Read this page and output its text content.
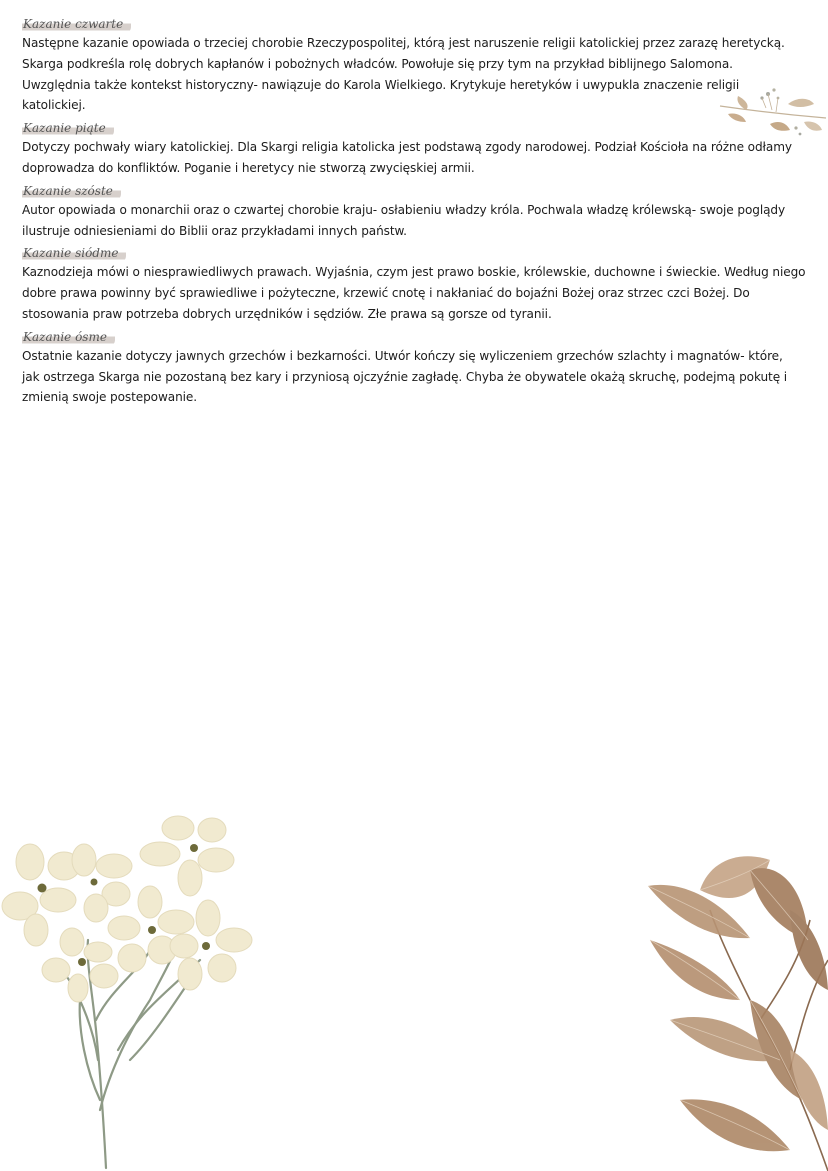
Kazanie czwarte

Następne kazanie opowiada o trzeciej chorobie Rzeczypospolitej, którą jest naruszenie religii katolickiej przez zarazę heretycką.

Skarga podkreśla rolę dobrych kapłanów i pobożnych władców. Powołuje się przy tym na przykład biblijnego Salomona.

Uwzględnia także kontekst historyczny- nawiązuje do Karola Wielkiego. Krytykuje heretyków i uwypukla znaczenie religii

katolickiej.

Kazanie piąte

Dotyczy pochwały wiary katolickiej. Dla Skargi religia katolicka jest podstawą zgody narodowej. Podział Kościoła na różne odłamy

doprowadza do konfliktów. Poganie i heretycy nie stworzą zwycięskiej armii.

Kazanie szóste

Autor opowiada o monarchii oraz o czwartej chorobie kraju- osłabieniu władzy króla. Pochwala władzę królewską- swoje poglądy

ilustruje odniesieniami do Biblii oraz przykładami innych państw.

Kazanie siódme

Kaznodzieja mówi o niesprawiedliwych prawach. Wyjaśnia, czym jest prawo boskie, królewskie, duchowne i świeckie. Według niego

dobre prawa powinny być sprawiedliwe i pożyteczne, krzewić cnotę i nakłaniać do bojaźni Bożej oraz strzec czci Bożej. Do

stosowania praw potrzeba dobrych urzędników i sędziów. Złe prawa są gorsze od tyranii.

Kazanie ósme

Ostatnie kazanie dotyczy jawnych grzechów i bezkarności. Utwór kończy się wyliczeniem grzechów szlachty i magnatów- które,

jak ostrzega Skarga nie pozostaną bez kary i przyniosą ojczyźnie zagładę. Chyba że obywatele okażą skruchę, podejmą pokutę i

zmienią swoje postepowanie.
